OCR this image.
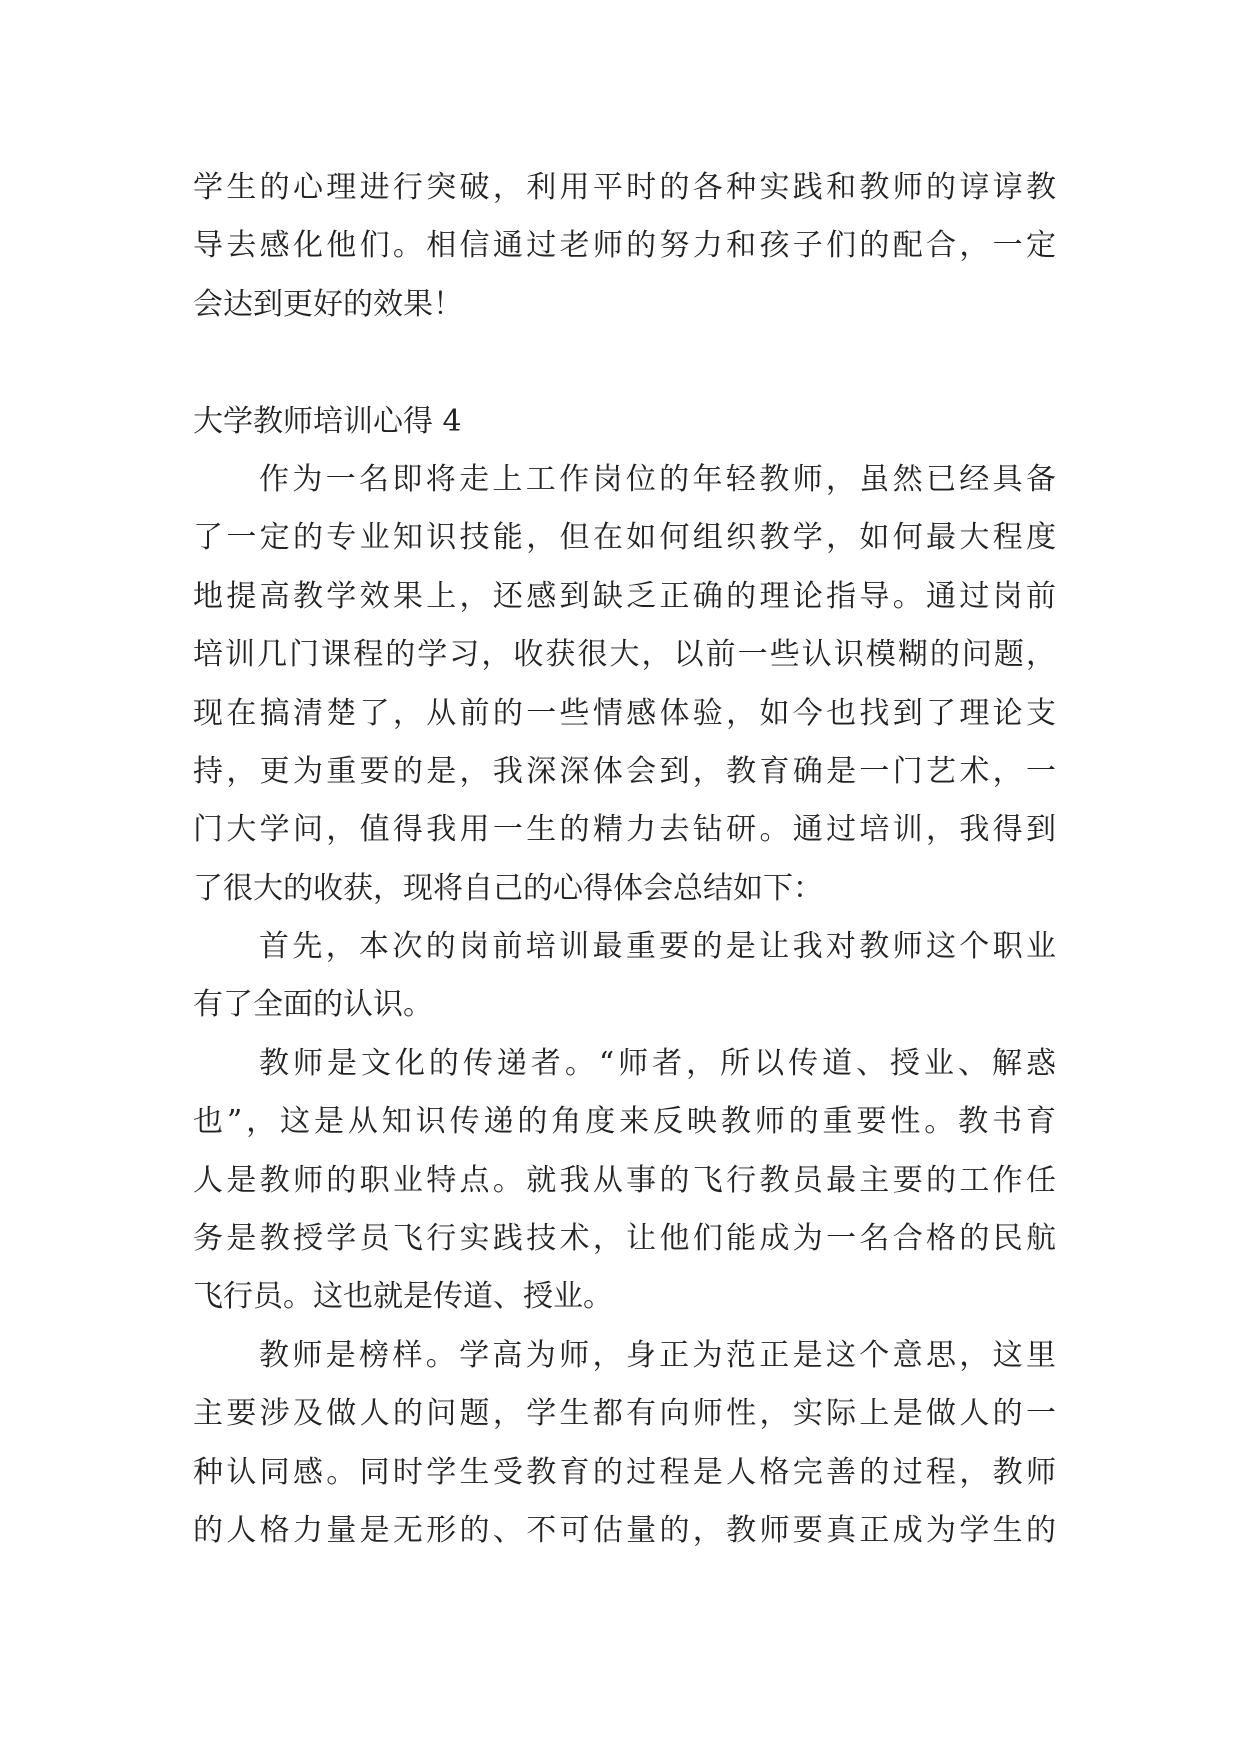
学生的心理进行突破，利用平时的各种实践和教师的谆谆教
导去感化他们。相信通过老师的努力和孩子们的配合，一定
会达到更好的效果！
大学教师培训心得 4
作为一名即将走上工作岗位的年轻教师，虽然已经具备
了一定的专业知识技能，但在如何组织教学，如何最大程度
地提高教学效果上，还感到缺乏正确的理论指导。通过岗前
培训几门课程的学习，收获很大，以前一些认识模糊的问题，
现在搞清楚了，从前的一些情感体验，如今也找到了理论支
持，更为重要的是，我深深体会到，教育确是一门艺术，一
门大学问，值得我用一生的精力去钻研。通过培训，我得到
了很大的收获，现将自己的心得体会总结如下：
首先，本次的岗前培训最重要的是让我对教师这个职业
有了全面的认识。
教师是文化的传递者。“师者，所以传道、授业、解惑
也”，这是从知识传递的角度来反映教师的重要性。教书育
人是教师的职业特点。就我从事的飞行教员最主要的工作任
务是教授学员飞行实践技术，让他们能成为一名合格的民航
飞行员。这也就是传道、授业。
教师是榜样。学高为师，身正为范正是这个意思，这里
主要涉及做人的问题，学生都有向师性，实际上是做人的一
种认同感。同时学生受教育的过程是人格完善的过程，教师
的人格力量是无形的、不可估量的，教师要真正成为学生的
